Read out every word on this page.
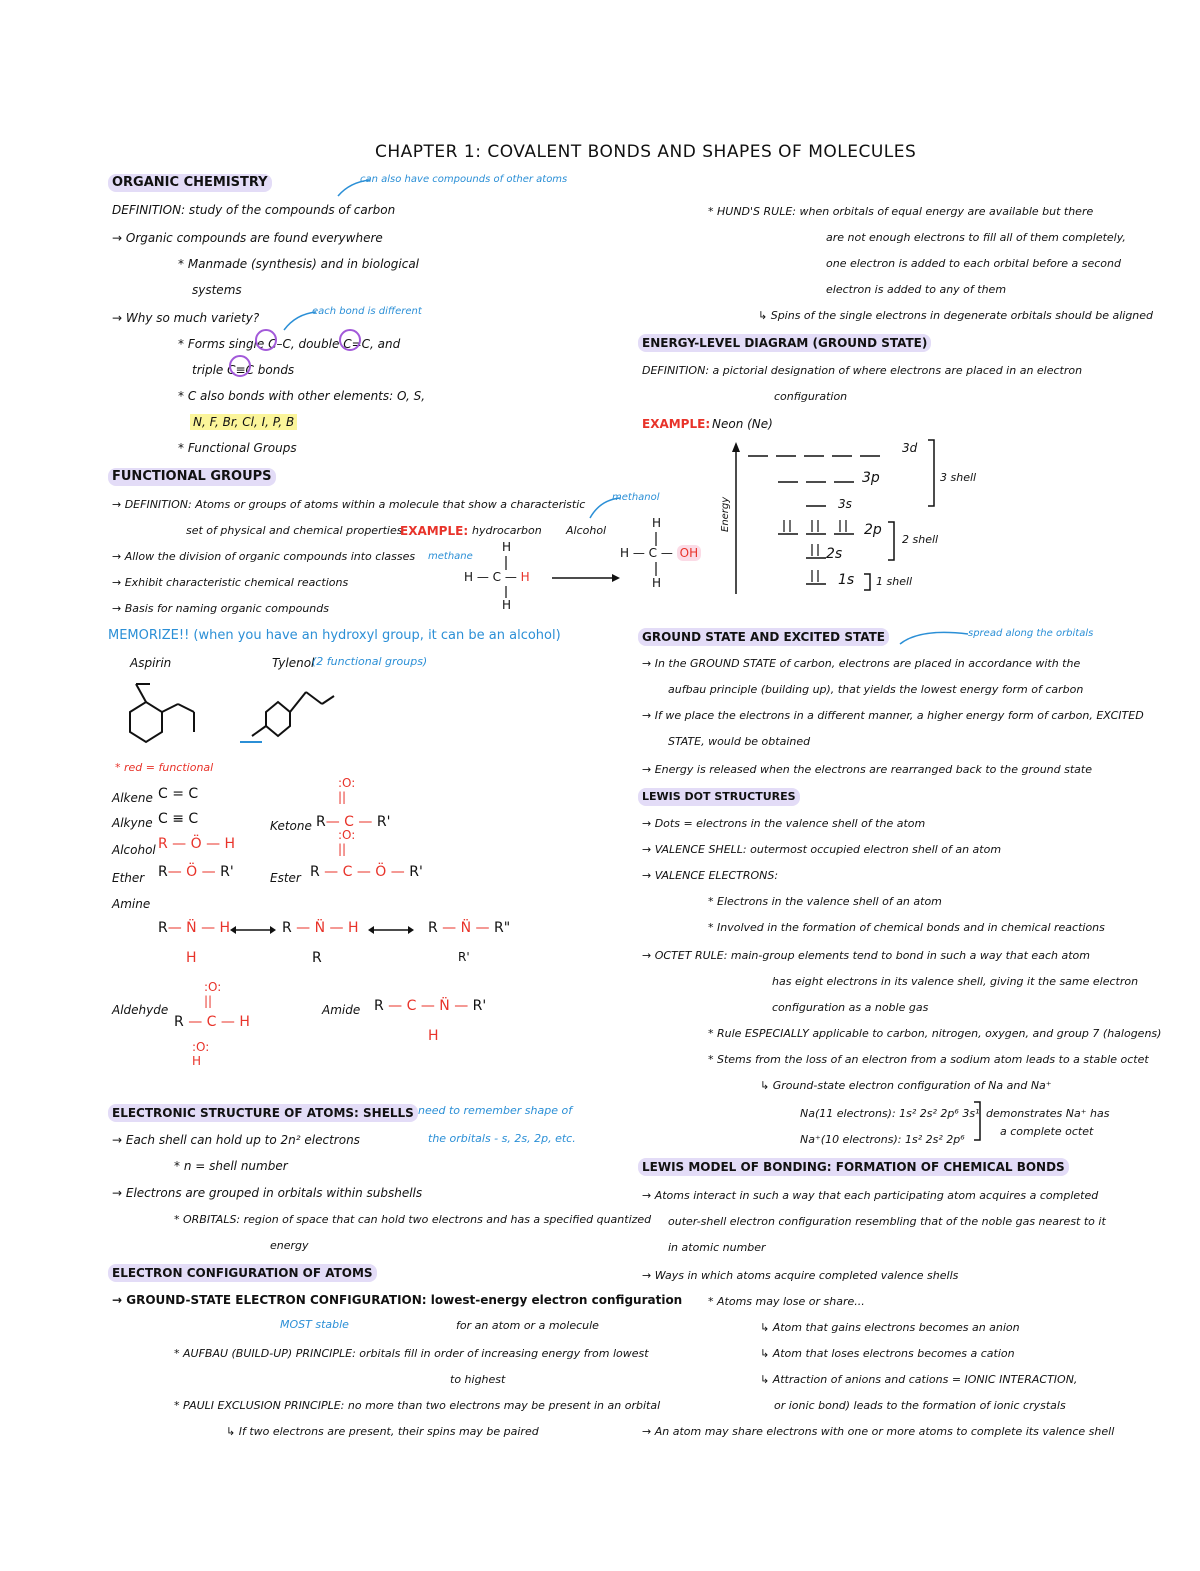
CHAPTER 1: COVALENT BONDS AND SHAPES OF MOLECULES
ORGANIC CHEMISTRY	can also have compounds of other atoms
DEFINITION: study of the compounds of carbon
→ Organic compounds are found everywhere
* Manmade (synthesis) and in biological
systems
→ Why so much variety?	each bond is different
* Forms single C–C, double C=C, and
triple C≡C bonds
* C also bonds with other elements: O, S,
N, F, Br, Cl, I, P, B
* Functional Groups
FUNCTIONAL GROUPS
→ DEFINITION: Atoms or groups of atoms within a molecule that show a characteristic
set of physical and chemical properties
→ Allow the division of organic compounds into classes
→ Exhibit characteristic chemical reactions
→ Basis for naming organic compounds
EXAMPLE: hydrocarbon Alcohol
methane
methanol
H
H — C — H
H
H
H — C — OH
H
MEMORIZE!! (when you have an hydroxyl group, it can be an alcohol)
Aspirin	Tylenol
(2 functional groups)
* red = functional
Alkene C = C
Alkyne C ≡ C
Alcohol R — Ö — H
Ether R— Ö — R'
Ketone R— C — R'
:O:
||
Ester R — C — Ö — R'
:O:
||
Amine
R— N̈ — H
H
R — N̈ — H
R
R — N̈ — R"
R'
Aldehyde
R — C — H
:O:
||
:O:
H
Amide R — C — N̈ — R'
H
ELECTRONIC STRUCTURE OF ATOMS: SHELLS need to remember shape of
the orbitals - s, 2s, 2p, etc.
→ Each shell can hold up to 2n² electrons
* n = shell number
→ Electrons are grouped in orbitals within subshells
* ORBITALS: region of space that can hold two electrons and has a specified quantized
energy
ELECTRON CONFIGURATION OF ATOMS
→ GROUND-STATE ELECTRON CONFIGURATION: lowest-energy electron configuration
for an atom or a molecule
MOST stable
* AUFBAU (BUILD-UP) PRINCIPLE: orbitals fill in order of increasing energy from lowest
to highest
* PAULI EXCLUSION PRINCIPLE: no more than two electrons may be present in an orbital
↳ If two electrons are present, their spins may be paired
* HUND'S RULE: when orbitals of equal energy are available but there
are not enough electrons to fill all of them completely,
one electron is added to each orbital before a second
electron is added to any of them
↳ Spins of the single electrons in degenerate orbitals should be aligned
ENERGY-LEVEL DIAGRAM (GROUND STATE)
DEFINITION: a pictorial designation of where electrons are placed in an electron
configuration
EXAMPLE: Neon (Ne)
3d
3p
3s
2p
2s
1s
3 shell
2 shell
1 shell
Energy
GROUND STATE AND EXCITED STATE	spread along the orbitals
→ In the GROUND STATE of carbon, electrons are placed in accordance with the
aufbau principle (building up), that yields the lowest energy form of carbon
→ If we place the electrons in a different manner, a higher energy form of carbon, EXCITED
STATE, would be obtained
→ Energy is released when the electrons are rearranged back to the ground state
LEWIS DOT STRUCTURES
→ Dots = electrons in the valence shell of the atom
→ VALENCE SHELL: outermost occupied electron shell of an atom
→ VALENCE ELECTRONS:
* Electrons in the valence shell of an atom
* Involved in the formation of chemical bonds and in chemical reactions
→ OCTET RULE: main-group elements tend to bond in such a way that each atom
has eight electrons in its valence shell, giving it the same electron
configuration as a noble gas
* Rule ESPECIALLY applicable to carbon, nitrogen, oxygen, and group 7 (halogens)
* Stems from the loss of an electron from a sodium atom leads to a stable octet
↳ Ground-state electron configuration of Na and Na⁺
Na(11 electrons): 1s² 2s² 2p⁶ 3s¹
Na⁺(10 electrons): 1s² 2s² 2p⁶
demonstrates Na⁺ has
a complete octet
LEWIS MODEL OF BONDING: FORMATION OF CHEMICAL BONDS
→ Atoms interact in such a way that each participating atom acquires a completed
outer-shell electron configuration resembling that of the noble gas nearest to it
in atomic number
→ Ways in which atoms acquire completed valence shells
* Atoms may lose or share...
↳ Atom that gains electrons becomes an anion
↳ Atom that loses electrons becomes a cation
↳ Attraction of anions and cations = IONIC INTERACTION,
or ionic bond) leads to the formation of ionic crystals
→ An atom may share electrons with one or more atoms to complete its valence shell
